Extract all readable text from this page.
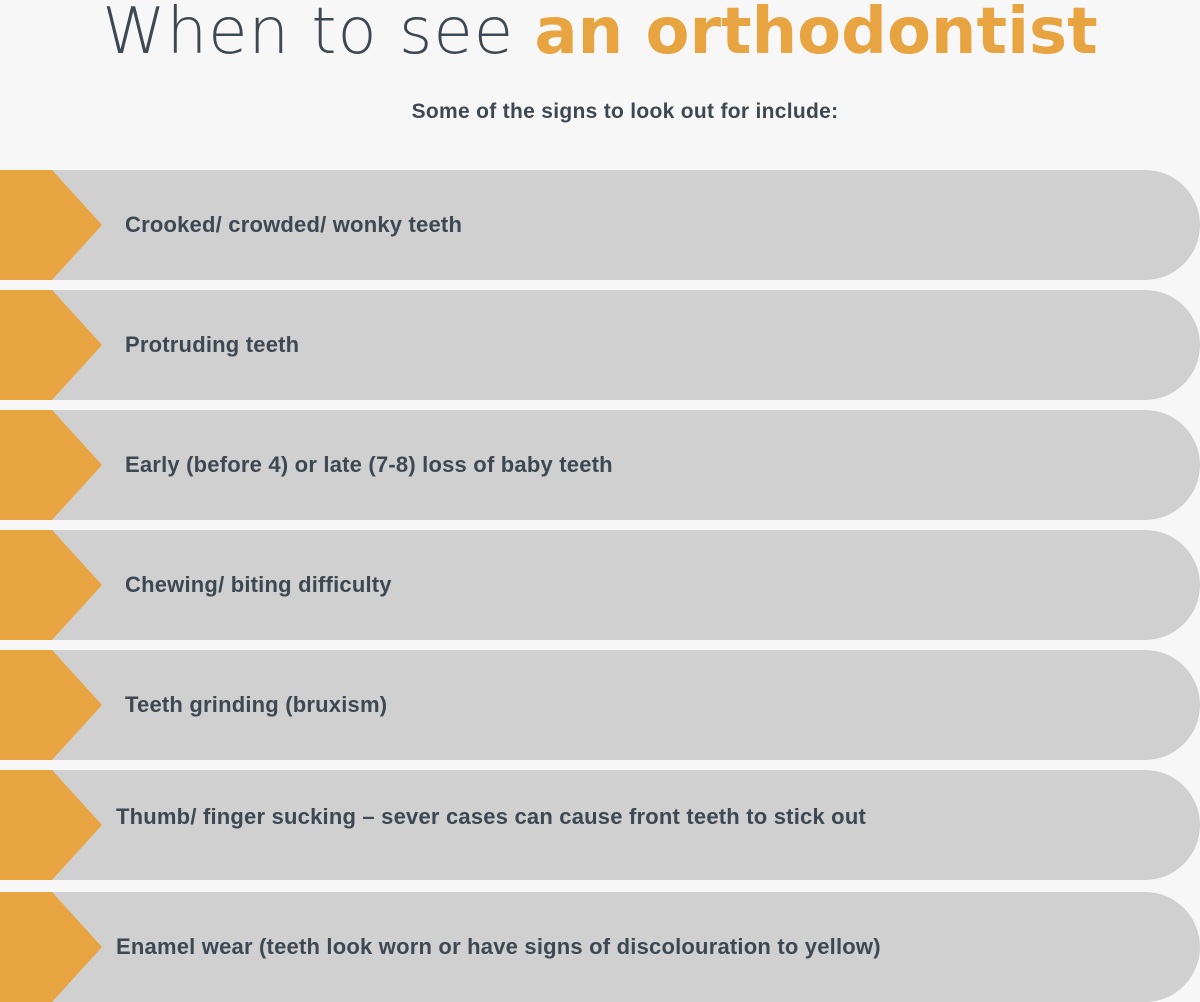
When to see an orthodontist
Some of the signs to look out for include:
Crooked/ crowded/ wonky teeth
Protruding teeth
Early (before 4) or late (7-8) loss of baby teeth
Chewing/ biting difficulty
Teeth grinding (bruxism)
Thumb/ finger sucking – sever cases can cause front teeth to stick out
Enamel wear (teeth look worn or have signs of discolouration to yellow)
